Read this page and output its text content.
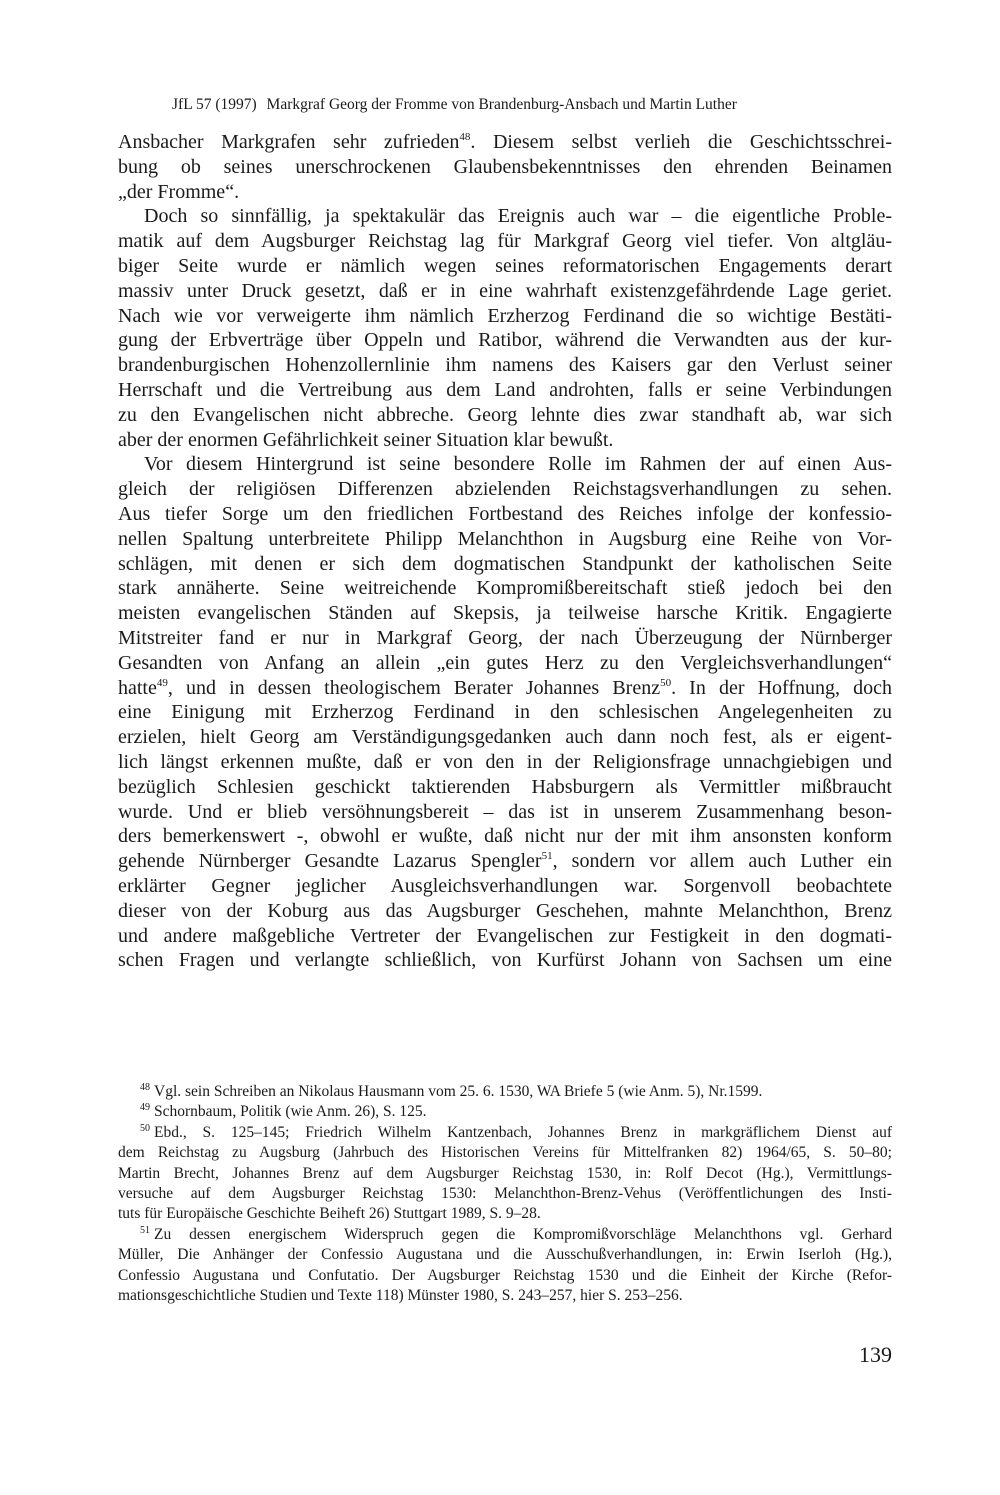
JfL 57 (1997) Markgraf Georg der Fromme von Brandenburg-Ansbach und Martin Luther
Ansbacher Markgrafen sehr zufrieden$^{48}$. Diesem selbst verlieh die Geschichtsschrei-
bung ob seines unerschrockenen Glaubensbekenntnisses den ehrenden Beinamen
„der Fromme“.
Doch so sinnfällig, ja spektakulär das Ereignis auch war – die eigentliche Proble-
matik auf dem Augsburger Reichstag lag für Markgraf Georg viel tiefer. Von altgläu-
biger Seite wurde er nämlich wegen seines reformatorischen Engagements derart
massiv unter Druck gesetzt, daß er in eine wahrhaft existenzgefährdende Lage geriet.
Nach wie vor verweigerte ihm nämlich Erzherzog Ferdinand die so wichtige Bestäti-
gung der Erbverträge über Oppeln und Ratibor, während die Verwandten aus der kur-
brandenburgischen Hohenzollernlinie ihm namens des Kaisers gar den Verlust seiner
Herrschaft und die Vertreibung aus dem Land androhten, falls er seine Verbindungen
zu den Evangelischen nicht abbreche. Georg lehnte dies zwar standhaft ab, war sich
aber der enormen Gefährlichkeit seiner Situation klar bewußt.
Vor diesem Hintergrund ist seine besondere Rolle im Rahmen der auf einen Aus-
gleich der religiösen Differenzen abzielenden Reichstagsverhandlungen zu sehen.
Aus tiefer Sorge um den friedlichen Fortbestand des Reiches infolge der konfessio-
nellen Spaltung unterbreitete Philipp Melanchthon in Augsburg eine Reihe von Vor-
schlägen, mit denen er sich dem dogmatischen Standpunkt der katholischen Seite
stark annäherte. Seine weitreichende Kompromißbereitschaft stieß jedoch bei den
meisten evangelischen Ständen auf Skepsis, ja teilweise harsche Kritik. Engagierte
Mitstreiter fand er nur in Markgraf Georg, der nach Überzeugung der Nürnberger
Gesandten von Anfang an allein „ein gutes Herz zu den Vergleichsverhandlungen“
hatte$^{49}$, und in dessen theologischem Berater Johannes Brenz$^{50}$. In der Hoffnung, doch
eine Einigung mit Erzherzog Ferdinand in den schlesischen Angelegenheiten zu
erzielen, hielt Georg am Verständigungsgedanken auch dann noch fest, als er eigent-
lich längst erkennen mußte, daß er von den in der Religionsfrage unnachgiebigen und
bezüglich Schlesien geschickt taktierenden Habsburgern als Vermittler mißbraucht
wurde. Und er blieb versöhnungsbereit – das ist in unserem Zusammenhang beson-
ders bemerkenswert -, obwohl er wußte, daß nicht nur der mit ihm ansonsten konform
gehende Nürnberger Gesandte Lazarus Spengler$^{51}$, sondern vor allem auch Luther ein
erklärter Gegner jeglicher Ausgleichsverhandlungen war. Sorgenvoll beobachtete
dieser von der Koburg aus das Augsburger Geschehen, mahnte Melanchthon, Brenz
und andere maßgebliche Vertreter der Evangelischen zur Festigkeit in den dogmati-
schen Fragen und verlangte schließlich, von Kurfürst Johann von Sachsen um eine
$^{48}$ Vgl. sein Schreiben an Nikolaus Hausmann vom 25. 6. 1530, WA Briefe 5 (wie Anm. 5), Nr.1599.
$^{49}$ Schornbaum, Politik (wie Anm. 26), S. 125.
$^{50}$ Ebd., S. 125–145; Friedrich Wilhelm Kantzenbach, Johannes Brenz in markgräflichem Dienst auf
dem Reichstag zu Augsburg (Jahrbuch des Historischen Vereins für Mittelfranken 82) 1964/65, S. 50–80;
Martin Brecht, Johannes Brenz auf dem Augsburger Reichstag 1530, in: Rolf Decot (Hg.), Vermittlungs-
versuche auf dem Augsburger Reichstag 1530: Melanchthon-Brenz-Vehus (Veröffentlichungen des Insti-
tuts für Europäische Geschichte Beiheft 26) Stuttgart 1989, S. 9–28.
$^{51}$ Zu dessen energischem Widerspruch gegen die Kompromißvorschläge Melanchthons vgl. Gerhard
Müller, Die Anhänger der Confessio Augustana und die Ausschußverhandlungen, in: Erwin Iserloh (Hg.),
Confessio Augustana und Confutatio. Der Augsburger Reichstag 1530 und die Einheit der Kirche (Refor-
mationsgeschichtliche Studien und Texte 118) Münster 1980, S. 243–257, hier S. 253–256.
139
